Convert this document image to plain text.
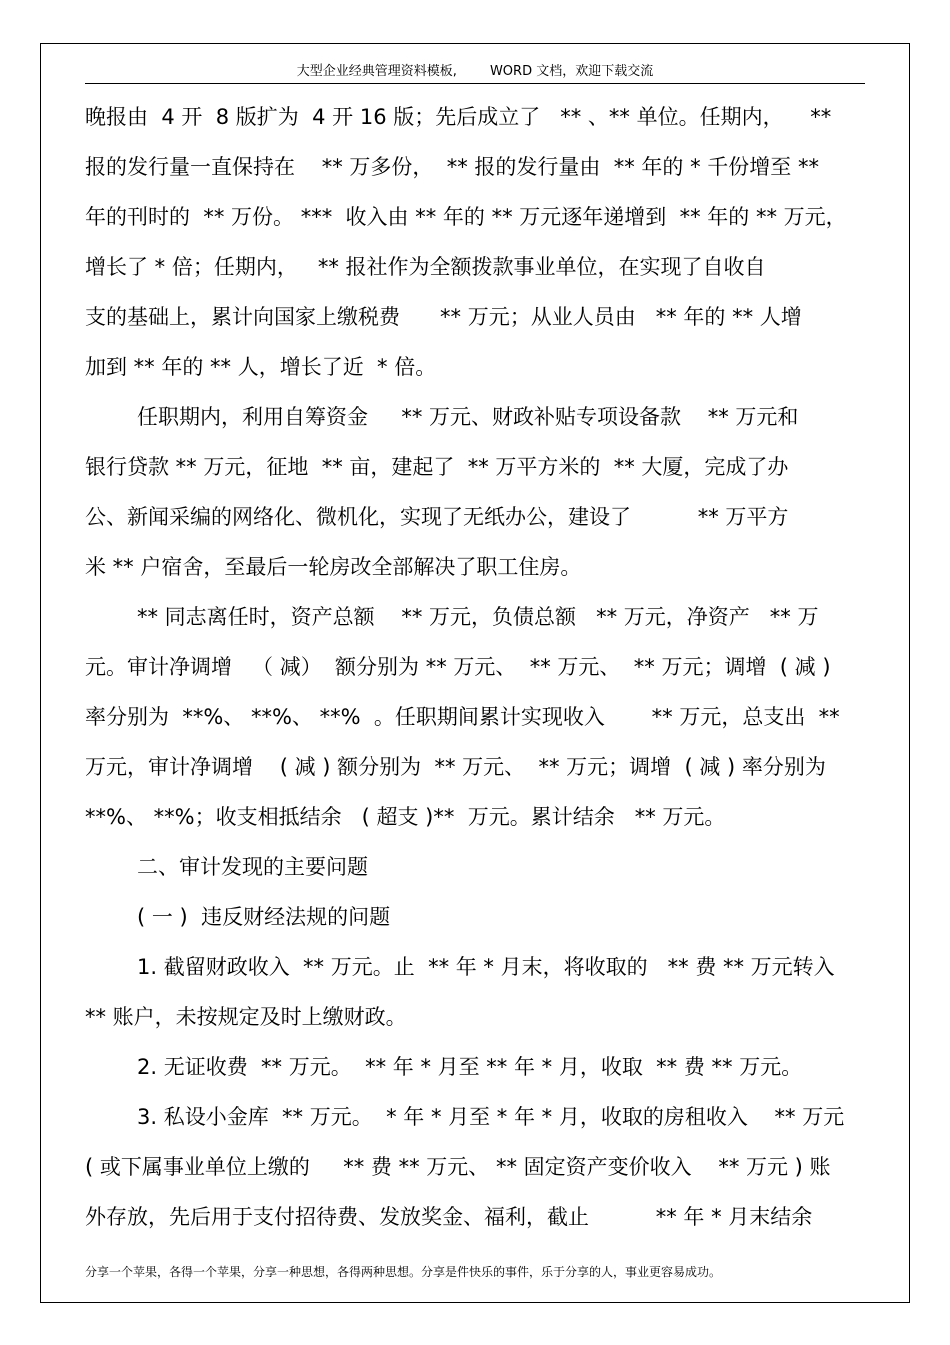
大型企业经典管理资料模板,        WORD 文档，欢迎下载交流
晚报由  4 开  8 版扩为  4 开 16 版；先后成立了   ** 、** 单位。任期内，    **
报的发行量一直保持在    ** 万多份，  ** 报的发行量由  ** 年的 * 千份增至 **
年的刊时的  ** 万份。 ***  收入由 ** 年的 ** 万元逐年递增到  ** 年的 ** 万元，
增长了 * 倍；任期内，   ** 报社作为全额拨款事业单位，在实现了自收自
支的基础上，累计向国家上缴税费      ** 万元；从业人员由   ** 年的 ** 人增
加到 ** 年的 ** 人，增长了近  * 倍。
任职期内，利用自筹资金     ** 万元、财政补贴专项设备款    ** 万元和
银行贷款 ** 万元，征地  ** 亩，建起了  ** 万平方米的  ** 大厦，完成了办
公、新闻采编的网络化、微机化，实现了无纸办公，建设了          ** 万平方
米 ** 户宿舍，至最后一轮房改全部解决了职工住房。
** 同志离任时，资产总额    ** 万元，负债总额   ** 万元，净资产   ** 万
元。审计净调增   （ 减）  额分别为 ** 万元、  ** 万元、  ** 万元；调增  ( 减 )
率分别为  **%、 **%、 **%  。任职期间累计实现收入       ** 万元，总支出  **
万元，审计净调增    ( 减 ) 额分别为  ** 万元、  ** 万元；调增  ( 减 ) 率分别为
**%、 **%；收支相抵结余   ( 超支 )**  万元。累计结余   ** 万元。
二、审计发现的主要问题
( 一 )  违反财经法规的问题
1. 截留财政收入  ** 万元。止  ** 年 * 月末，将收取的   ** 费 ** 万元转入
** 账户，未按规定及时上缴财政。
2. 无证收费  ** 万元。  ** 年 * 月至 ** 年 * 月，收取  ** 费 ** 万元。
3. 私设小金库  ** 万元。  * 年 * 月至 * 年 * 月，收取的房租收入    ** 万元
( 或下属事业单位上缴的     ** 费 ** 万元、 ** 固定资产变价收入    ** 万元 ) 账
外存放，先后用于支付招待费、发放奖金、福利，截止          ** 年 * 月末结余
分享一个苹果，各得一个苹果，分享一种思想，各得两种思想。分享是件快乐的事件，乐于分享的人，事业更容易成功。
